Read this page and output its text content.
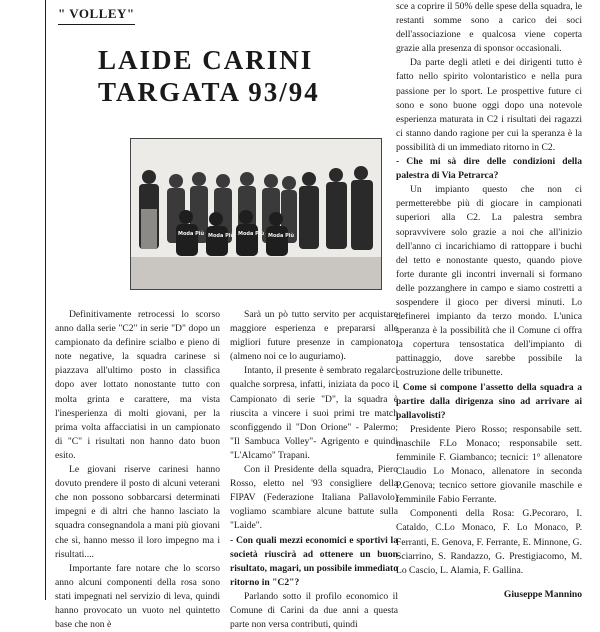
" VOLLEY"
LAIDE CARINI
TARGATA 93/94
Moda Più Moda Più Moda Più Moda Più

Definitivamente retrocessi lo scorso anno dalla serie "C2" in serie "D" dopo un campionato da definire scialbo e pieno di note negative, la squadra carinese si piazzava all'ultimo posto in classifica dopo aver lottato nonostante tutto con molta grinta e carattere, ma vista l'inesperienza di molti giovani, per la prima volta affacciatisi in un campionato di "C" i risultati non hanno dato buon esito.

Le giovani riserve carinesi hanno dovuto prendere il posto di alcuni veterani che non possono sobbarcarsi determinati impegni e di altri che hanno lasciato la squadra consegnandola a mani più giovani che sì, hanno messo il loro impegno ma i risultati....

Importante fare notare che lo scorso anno alcuni componenti della rosa sono stati impegnati nel servizio di leva, quindi hanno provocato un vuoto nel quintetto base che non è

Sarà un pò tutto servito per acquistare maggiore esperienza e prepararsi alle migliori future presenze in campionato, (almeno noi ce lo auguriamo).

Intanto, il presente è sembrato regalarci qualche sorpresa, infatti, iniziata da poco il Campionato di serie "D", la squadra è riuscita a vincere i suoi primi tre match sconfiggendo il "Don Orione" - Palermo; "Il Sambuca Volley"- Agrigento e quindi "L'Alcamo" Trapani.

Con il Presidente della squadra, Piero Rosso, eletto nel '93 consigliere della FIPAV (Federazione Italiana Pallavolo) vogliamo scambiare alcune battute sulla "Laide".

- Con quali mezzi economici e sportivi la società riuscirà ad ottenere un buon risultato, magari, un possibile immediato ritorno in "C2"?

Parlando sotto il profilo economico il Comune di Carini da due anni a questa parte non versa contributi, quindi

sce a coprire il 50% delle spese della squadra, le restanti somme sono a carico dei soci dell'associazione e qualcosa viene coperta grazie alla presenza di sponsor occasionali.

Da parte degli atleti e dei dirigenti tutto è fatto nello spirito volontaristico e nella pura passione per lo sport. Le prospettive future ci sono e sono buone oggi dopo una notevole esperienza maturata in C2 i risultati dei ragazzi ci stanno dando ragione per cui la speranza è la possibilità di un immediato ritorno in C2.

- Che mi sà dire delle condizioni della palestra di Via Petrarca?

Un impianto questo che non ci permetterebbe più di giocare in campionati superiori alla C2. La palestra sembra sopravvivere solo grazie a noi che all'inizio dell'anno ci incarichiamo di rattoppare i buchi del tetto e nonostante questo, quando piove forte durante gli incontri invernali si formano delle pozzanghere in campo e siamo costretti a sospendere il gioco per diversi minuti. Lo definerei impianto da terzo mondo. L'unica speranza è la possibilità che il Comune ci offra la copertura tensostatica dell'impianto di pattinaggio, dove sarebbe possibile la costruzione delle tribunette.

- Come si compone l'assetto della squadra a partire dalla dirigenza sino ad arrivare ai pallavolisti?

Presidente Piero Rosso; responsabile sett. maschile F.Lo Monaco; responsabile sett. femminile F. Giambanco; tecnici: 1° allenatore Claudio Lo Monaco, allenatore in seconda P.Genova; tecnico settore giovanile maschile e femminile Fabio Ferrante.

Componenti della Rosa: G.Pecoraro, I. Cataldo, C.Lo Monaco, F. Lo Monaco, P. Ferranti, E. Genova, F. Ferrante, E. Minnone, G. Sciarrino, S. Randazzo, G. Prestigiacomo, M. Lo Cascio, L. Alamia, F. Gallina.

Giuseppe Mannino
